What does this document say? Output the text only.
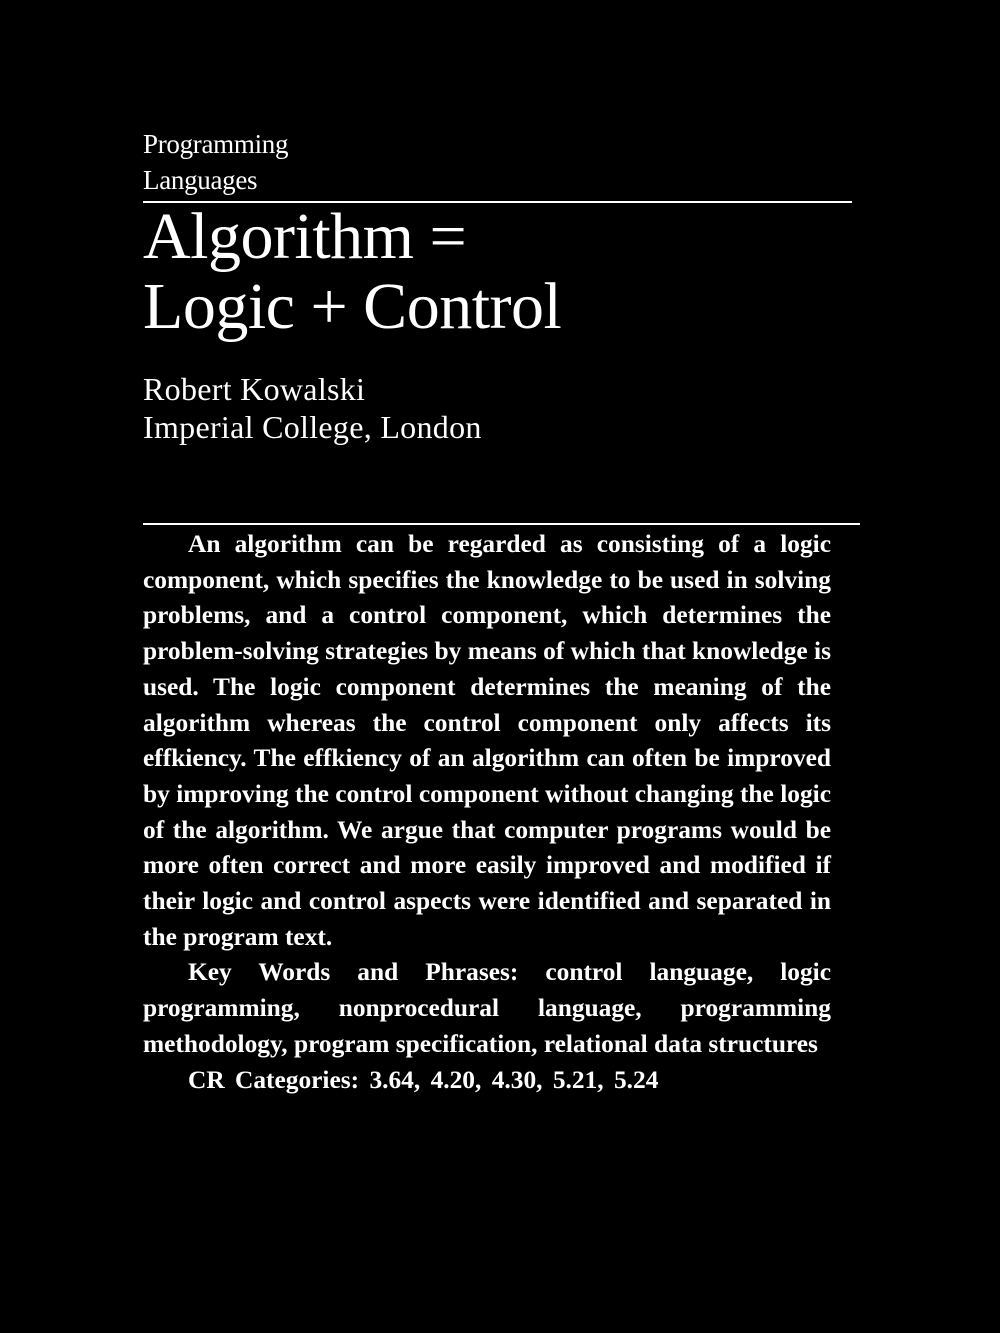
Programming
Languages
Algorithm =
Logic + Control
Robert Kowalski
Imperial College, London

An algorithm can be regarded as consisting of a logic component, which specifies the knowledge to be used in solving problems, and a control component, which determines the problem-solving strategies by means of which that knowledge is used. The logic component determines the meaning of the algorithm whereas the control component only affects its effkiency. The effkiency of an algorithm can often be improved by improving the control component without changing the logic of the algorithm. We argue that computer programs would be more often correct and more easily improved and modified if their logic and control aspects were identified and separated in the program text.

Key Words and Phrases: control language, logic programming, nonprocedural language, programming methodology, program specification, relational data structures

CR Categories: 3.64, 4.20, 4.30, 5.21, 5.24
